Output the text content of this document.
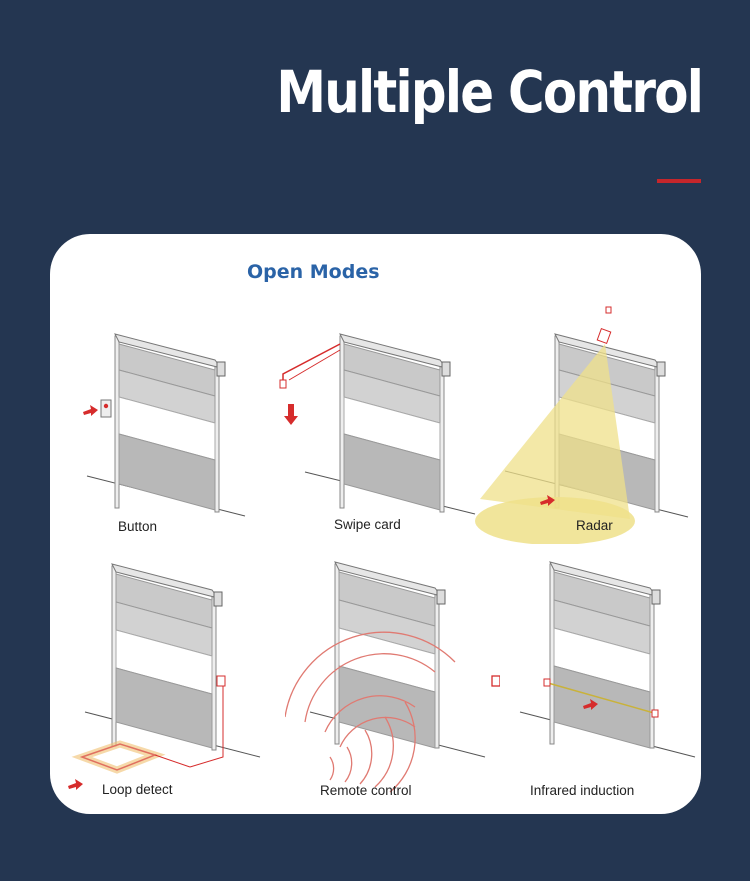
Multiple Control
Open Modes
Button	Swipe card	Radar
Loop detect	Remote control	Infrared induction
